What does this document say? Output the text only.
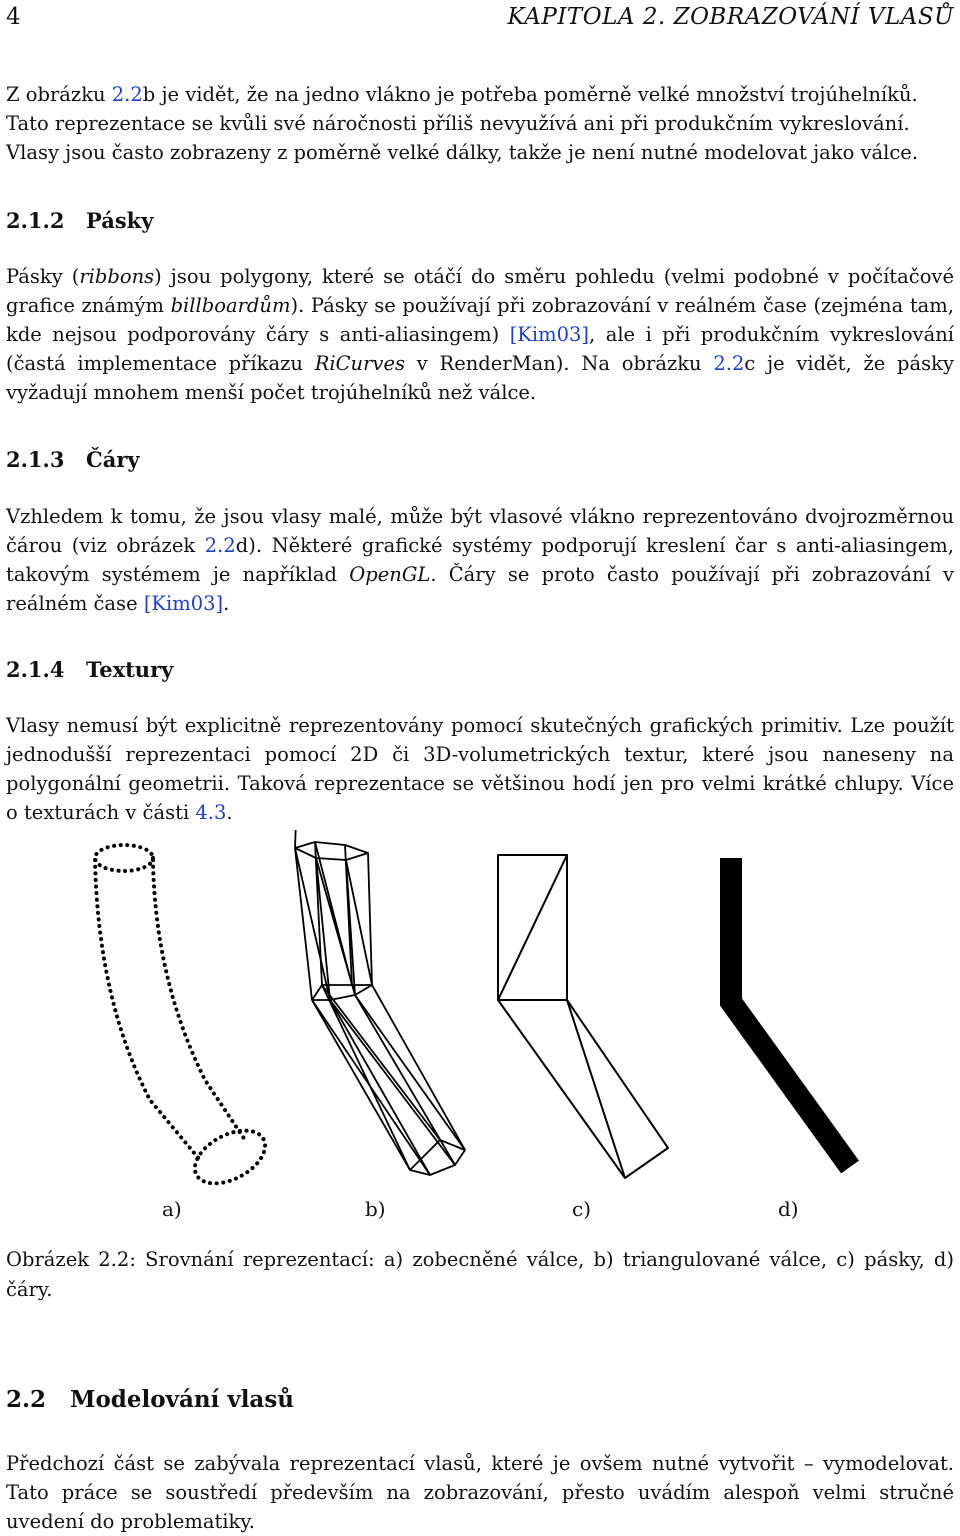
4	KAPITOLA 2. ZOBRAZOVÁNÍ VLASŮ
Z obrázku 2.2b je vidět, že na jedno vlákno je potřeba poměrně velké množství trojúhelníků.
Tato reprezentace se kvůli své náročnosti příliš nevyužívá ani při produkčním vykreslování.
Vlasy jsou často zobrazeny z poměrně velké dálky, takže je není nutné modelovat jako válce.
2.1.2 Pásky
Pásky (ribbons) jsou polygony, které se otáčí do směru pohledu (velmi podobné v počítačové grafice známým billboardům). Pásky se používají při zobrazování v reálném čase (zejména tam, kde nejsou podporovány čáry s anti-aliasingem) [Kim03], ale i při produkčním vykreslování (častá implementace příkazu RiCurves v RenderMan). Na obrázku 2.2c je vidět, že pásky vyžadují mnohem menší počet trojúhelníků než válce.
2.1.3 Čáry
Vzhledem k tomu, že jsou vlasy malé, může být vlasové vlákno reprezentováno dvojrozměrnou čárou (viz obrázek 2.2d). Některé grafické systémy podporují kreslení čar s anti-aliasingem, takovým systémem je například OpenGL. Čáry se proto často používají při zobrazování v reálném čase [Kim03].
2.1.4 Textury
Vlasy nemusí být explicitně reprezentovány pomocí skutečných grafických primitiv. Lze použít jednodušší reprezentaci pomocí 2D či 3D-volumetrických textur, které jsou naneseny na polygonální geometrii. Taková reprezentace se většinou hodí jen pro velmi krátké chlupy. Více o texturách v části 4.3.
a)	b)	c)	d)
Obrázek 2.2: Srovnání reprezentací: a) zobecněné válce, b) triangulované válce, c) pásky, d) čáry.
2.2 Modelování vlasů
Předchozí část se zabývala reprezentací vlasů, které je ovšem nutné vytvořit – vymodelovat. Tato práce se soustředí především na zobrazování, přesto uvádím alespoň velmi stručné uvedení do problematiky.
